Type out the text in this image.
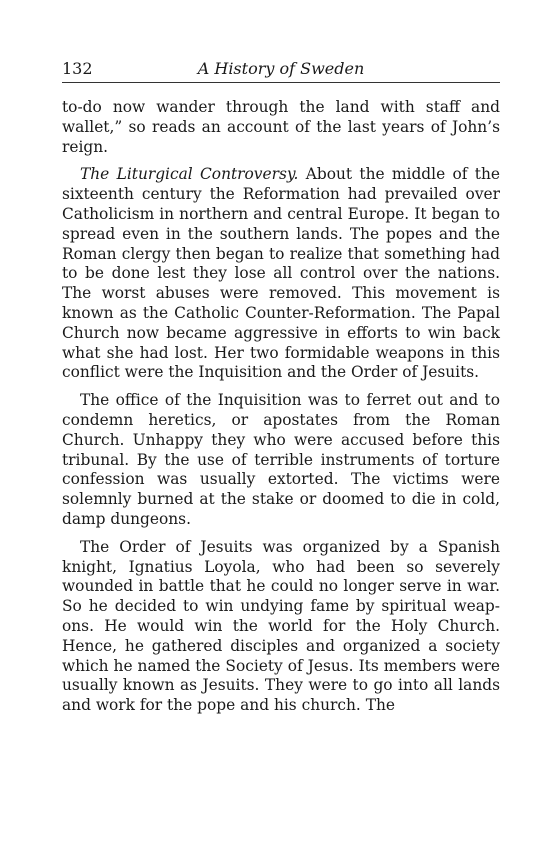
132	A History of Sweden

to-do now wander through the land with staff and wallet,” so reads an account of the last years of John’s reign.

The Liturgical Controversy. About the middle of the sixteenth century the Reformation had prevailed over Catholicism in northern and central Europe. It began to spread even in the southern lands. The popes and the Roman clergy then began to realize that something had to be done lest they lose all control over the nations. The worst abuses were removed. This movement is known as the Catholic Counter-Reformation. The Papal Church now became aggressive in efforts to win back what she had lost. Her two formidable weapons in this conflict were the Inquisition and the Order of Jesuits.

The office of the Inquisition was to ferret out and to condemn heretics, or apostates from the Roman Church. Unhappy they who were accused before this tribunal. By the use of terrible instruments of torture confession was usually extorted. The victims were solemnly burned at the stake or doomed to die in cold, damp dungeons.

The Order of Jesuits was organized by a Spanish knight, Ignatius Loyola, who had been so severely wounded in battle that he could no longer serve in war. So he decided to win undying fame by spiritual weapons. He would win the world for the Holy Church. Hence, he gathered disciples and organized a society which he named the Society of Jesus. Its members were usually known as Jesuits. They were to go into all lands and work for the pope and his church. The
